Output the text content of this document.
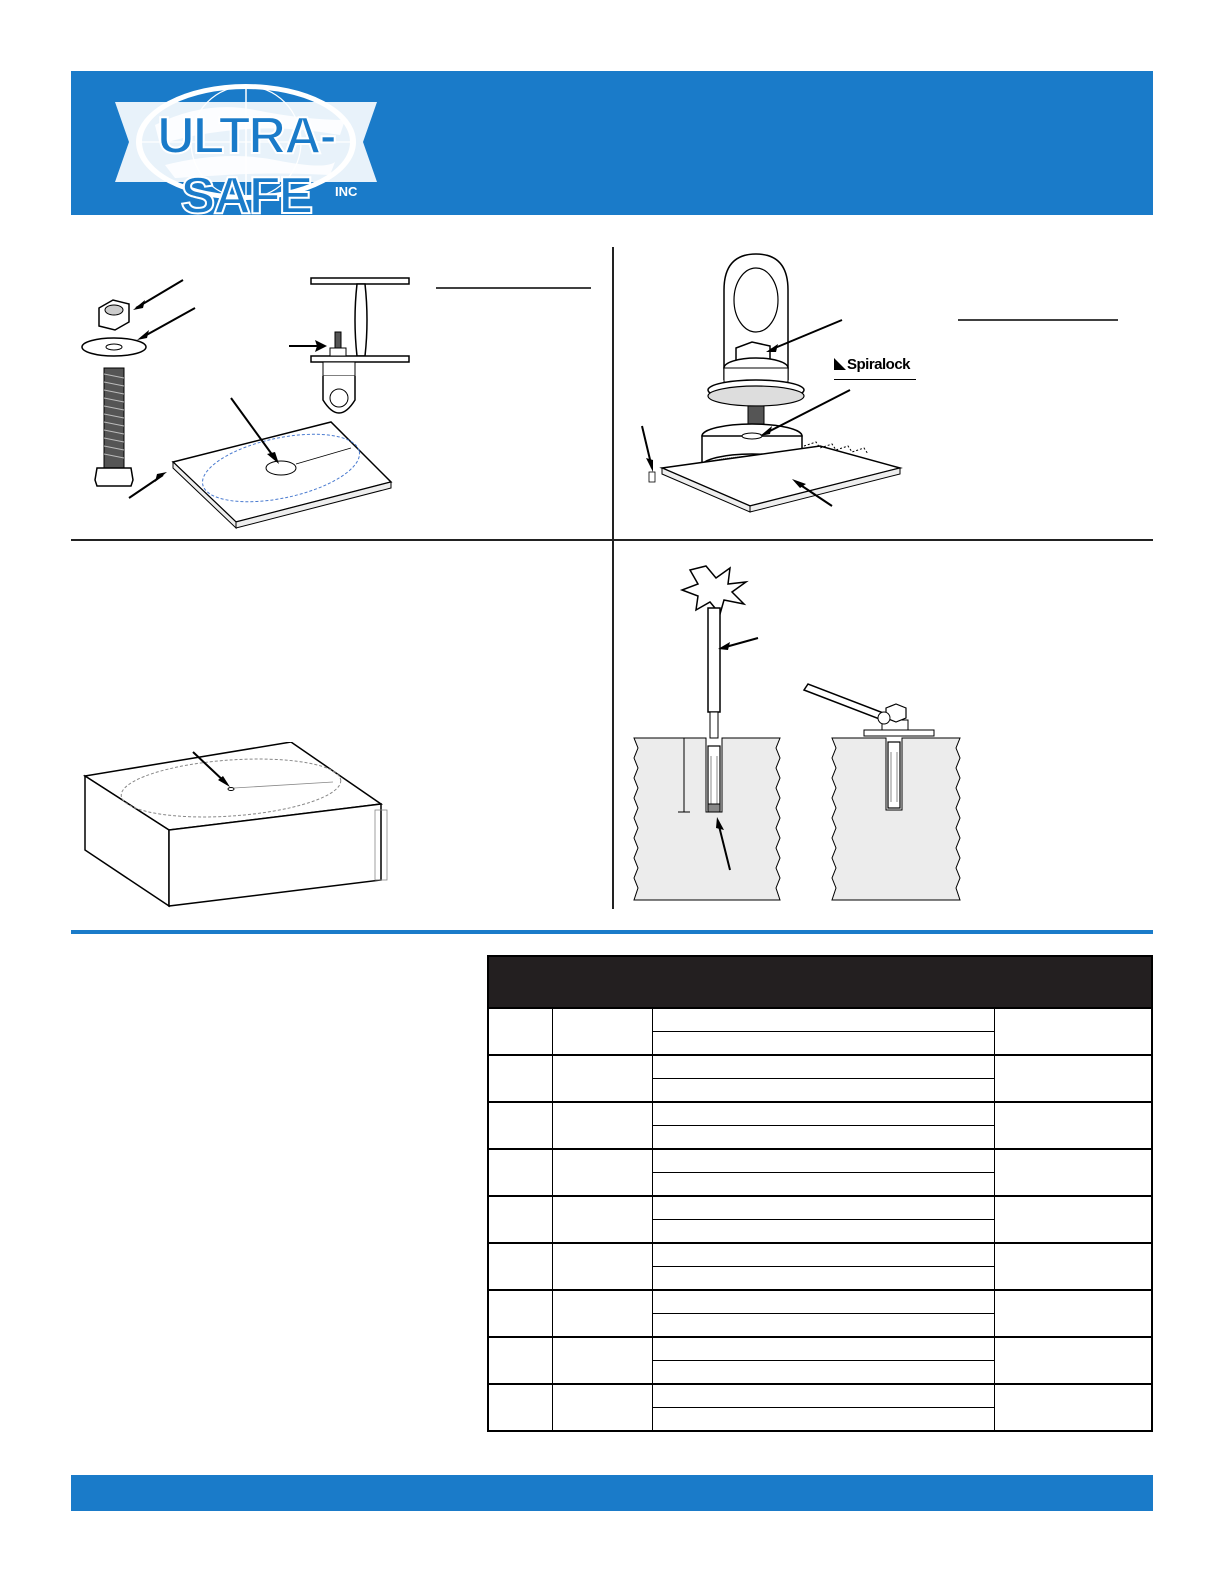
ULTRA-SAFE	INC
Spiralock
